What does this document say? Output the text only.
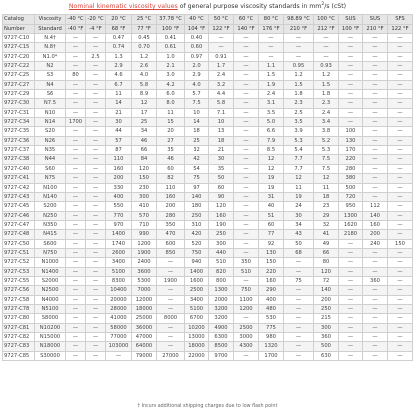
Nominal kinematic viscosity values of general purpose viscosity standards in $mm^2/s$ (cSt)
Catalog	Viscosity	-40 °C	-20 °C	20 °C	25 °C	37.78 °C	40 °C	50 °C	60 °C	80 °C	98.89 °C	100 °C	SUS	SUS	SFS
Number	Standard	-40 °F	-4 °F	68 °F	77 °F	100 °F	104 °F	122 °F	140 °F	176 °F	210 °F	212 °F	100 °F	210 °F	122 °F
9727-C10	N.4†	—	—	0.47	0.45	0.41	0.40	—	—	—	—	—	—	—	—
9727-C15	N.8†	—	—	0.74	0.70	0.61	0.60	—	—	—	—	—	—	—	—
9727-C20	N1.0*	—	2.5	1.3	1.2	1.0	0.97	0.91	—	—	—	—	—	—	—
9727-C22	N2	—	—	2.9	2.6	2.1	2.0	1.7	—	1.1	0.95	0.93	—	—	—
9727-C25	S3	80	—	4.6	4.0	3.0	2.9	2.4	—	1.5	1.2	1.2	—	—	—
9727-C27	N4	—	—	6.7	5.8	4.2	4.0	3.2	—	1.9	1.5	1.5	—	—	—
9727-C29	S6	—	—	11	8.9	6.0	5.7	4.4	—	2.4	1.8	1.8	—	—	—
9727-C30	N7.5	—	—	14	12	8.0	7.5	5.8	—	3.1	2.3	2.3	—	—	—
9727-C31	N10	—	—	21	17	11	10	7.1	—	3.5	2.5	2.4	—	—	—
9727-C34	N14	1700	—	30	25	15	14	10	—	5.0	3.5	3.4	—	—	—
9727-C35	S20	—	—	44	34	20	18	13	—	6.6	3.9	3.8	100	—	—
9727-C36	N26	—	—	57	46	27	25	18	—	7.9	5.3	5.2	130	—	—
9727-C37	N35	—	—	87	66	35	32	21	—	8.5	5.4	5.3	170	—	—
9727-C38	N44	—	—	110	84	46	42	30	—	12	7.7	7.5	220	—	—
9727-C40	S60	—	—	160	120	60	54	35	—	12	7.7	7.5	280	—	—
9727-C41	N75	—	—	200	150	82	75	50	—	19	12	12	380	—	—
9727-C42	N100	—	—	330	230	110	97	60	—	19	11	11	500	—	—
9727-C43	N140	—	—	400	300	160	140	90	—	31	19	18	720	—	—
9727-C45	S200	—	—	550	410	200	180	120	—	40	24	23	950	112	—
9727-C46	N250	—	—	770	570	280	250	160	—	51	30	29	1300	140	—
9727-C47	N350	—	—	970	710	350	310	190	—	60	34	32	1620	160	—
9727-C48	N415	—	—	1400	990	470	420	250	—	77	43	41	2180	200	—
9727-C50	S600	—	—	1740	1200	600	520	300	—	92	50	49	—	240	150
9727-C51	N750	—	—	2600	1900	850	750	440	—	130	68	66	—	—	—
9727-C52	N1000	—	—	3400	2400	—	940	510	350	150	—	80	—	—	—
9727-C53	N1400	—	—	5100	3600	—	1400	820	510	220	—	120	—	—	—
9727-C55	S2000	—	—	8300	5300	1900	1600	800	—	160	75	72	—	360	—
9727-C56	N2500	—	—	10400	7000	—	2500	1300	750	290	—	140	—	—	—
9727-C58	N4000	—	—	20000	12000	—	3400	2000	1100	400	—	200	—	—	—
9727-C78	N5100	—	—	28000	18000	—	5100	3200	1200	480	—	250	—	—	—
9727-C80	S8000	—	—	41000	25000	8000	6700	3200	—	530	—	215	—	—	—
9727-C81	N10200	—	—	58000	36000	—	10200	4900	2500	775	—	300	—	—	—
9727-C82	N15000	—	—	77000	47000	—	13000	6300	3000	980	—	360	—	—	—
9727-C83	N18000	—	—	103000	64000	—	18000	8500	4300	1320	—	500	—	—	—
9727-C85	S30000	—	—	—	79000	27000	22000	9700	—	1700	—	630	—	—	—
† Incurs additional shipping charges due to low flash point
